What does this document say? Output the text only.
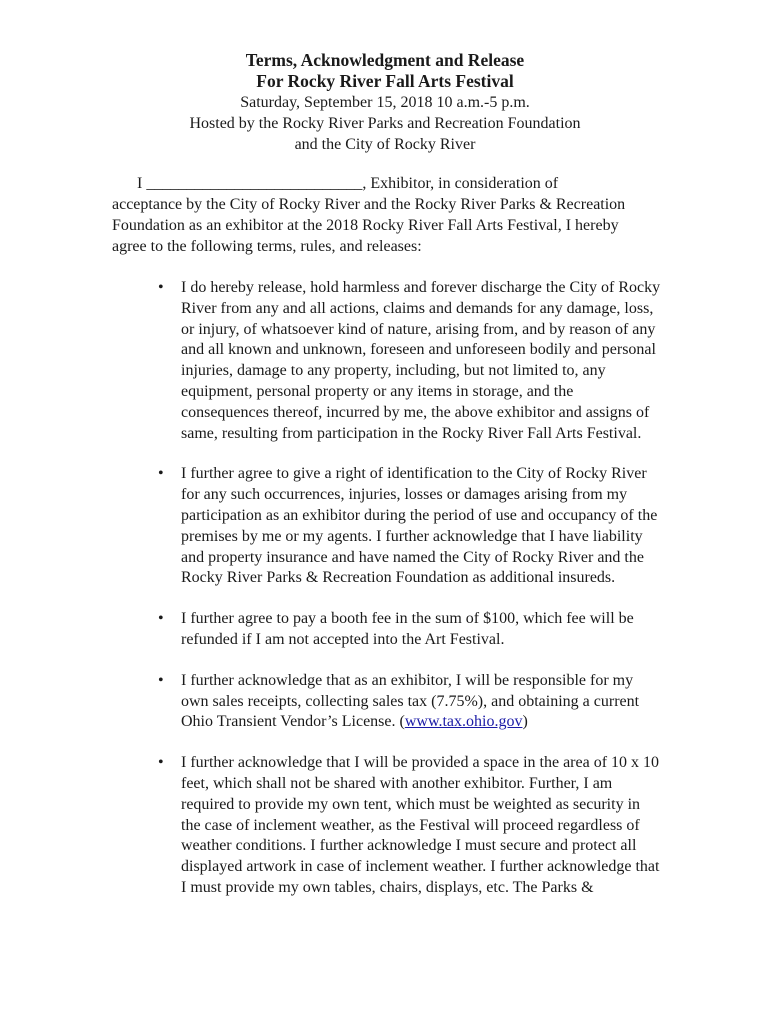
Terms, Acknowledgment and Release

For Rocky River Fall Arts Festival

Saturday, September 15, 2018 10 a.m.-5 p.m.

Hosted by the Rocky River Parks and Recreation Foundation

and the City of Rocky River

I ___________________________, Exhibitor, in consideration of acceptance by the City of Rocky River and the Rocky River Parks & Recreation Foundation as an exhibitor at the 2018 Rocky River Fall Arts Festival, I hereby agree to the following terms, rules, and releases:

• I do hereby release, hold harmless and forever discharge the City of Rocky River from any and all actions, claims and demands for any damage, loss, or injury, of whatsoever kind of nature, arising from, and by reason of any and all known and unknown, foreseen and unforeseen bodily and personal injuries, damage to any property, including, but not limited to, any equipment, personal property or any items in storage, and the consequences thereof, incurred by me, the above exhibitor and assigns of same, resulting from participation in the Rocky River Fall Arts Festival.
• I further agree to give a right of identification to the City of Rocky River for any such occurrences, injuries, losses or damages arising from my participation as an exhibitor during the period of use and occupancy of the premises by me or my agents. I further acknowledge that I have liability and property insurance and have named the City of Rocky River and the Rocky River Parks & Recreation Foundation as additional insureds.
• I further agree to pay a booth fee in the sum of $100, which fee will be refunded if I am not accepted into the Art Festival.
• I further acknowledge that as an exhibitor, I will be responsible for my own sales receipts, collecting sales tax (7.75%), and obtaining a current Ohio Transient Vendor’s License. (www.tax.ohio.gov)
• I further acknowledge that I will be provided a space in the area of 10 x 10 feet, which shall not be shared with another exhibitor. Further, I am required to provide my own tent, which must be weighted as security in the case of inclement weather, as the Festival will proceed regardless of weather conditions. I further acknowledge I must secure and protect all displayed artwork in case of inclement weather. I further acknowledge that I must provide my own tables, chairs, displays, etc. The Parks &
